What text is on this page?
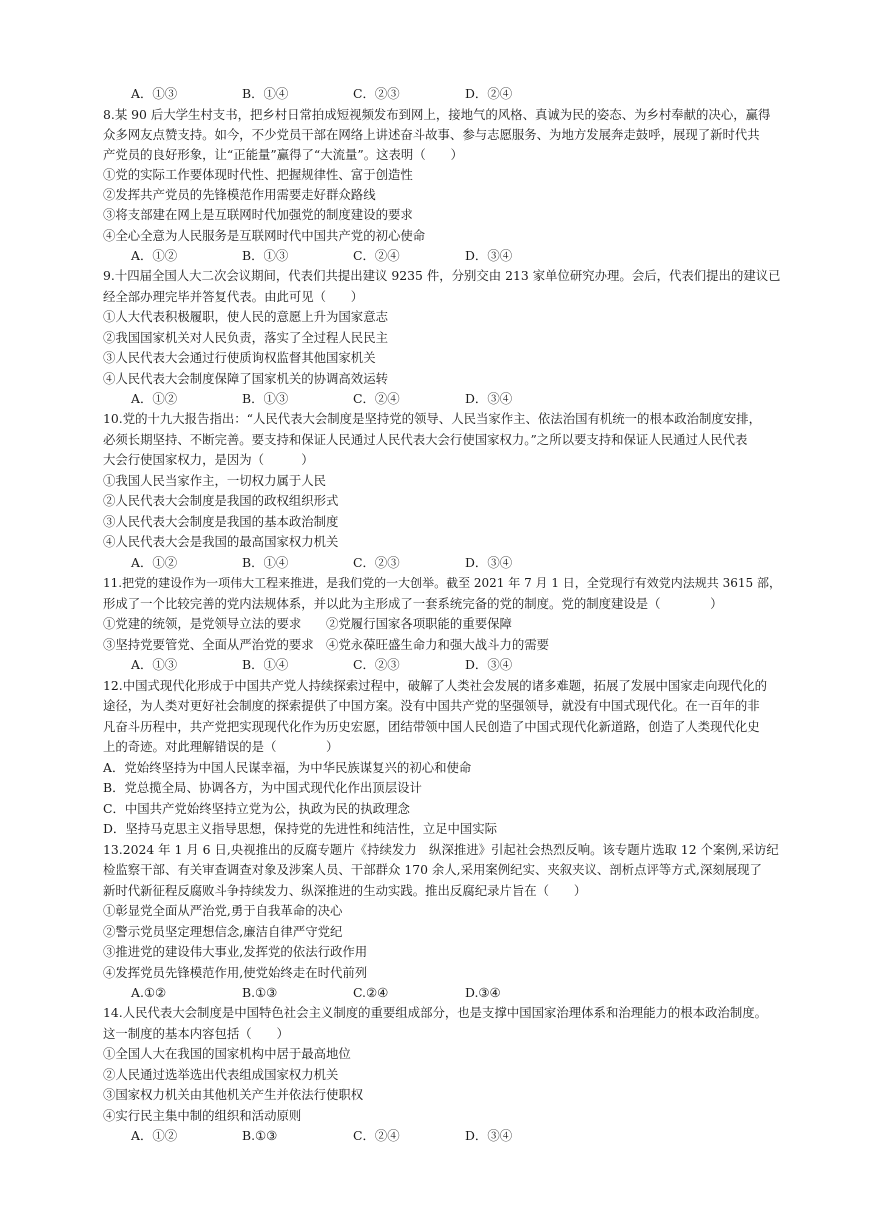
A．①③	B．①④	C．②③	D．②④
8.某 90 后大学生村支书，把乡村日常拍成短视频发布到网上，接地气的风格、真诚为民的姿态、为乡村奉献的决心，赢得
众多网友点赞支持。如今，不少党员干部在网络上讲述奋斗故事、参与志愿服务、为地方发展奔走鼓呼，展现了新时代共
产党员的良好形象，让“正能量”赢得了“大流量”。这表明（　　）
①党的实际工作要体现时代性、把握规律性、富于创造性
②发挥共产党员的先锋模范作用需要走好群众路线
③将支部建在网上是互联网时代加强党的制度建设的要求
④全心全意为人民服务是互联网时代中国共产党的初心使命
A．①②	B．①③	C．②④	D．③④
9.十四届全国人大二次会议期间，代表们共提出建议 9235 件，分别交由 213 家单位研究办理。会后，代表们提出的建议已
经全部办理完毕并答复代表。由此可见（　　）
①人大代表积极履职，使人民的意愿上升为国家意志
②我国国家机关对人民负责，落实了全过程人民民主
③人民代表大会通过行使质询权监督其他国家机关
④人民代表大会制度保障了国家机关的协调高效运转
A．①②	B．①③	C．②④	D．③④
10.党的十九大报告指出：“人民代表大会制度是坚持党的领导、人民当家作主、依法治国有机统一的根本政治制度安排，
必须长期坚持、不断完善。要支持和保证人民通过人民代表大会行使国家权力。”之所以要支持和保证人民通过人民代表
大会行使国家权力，是因为（　　　）
①我国人民当家作主，一切权力属于人民
②人民代表大会制度是我国的政权组织形式
③人民代表大会制度是我国的基本政治制度
④人民代表大会是我国的最高国家权力机关
A．①②	B．①④	C．②③	D．③④
11.把党的建设作为一项伟大工程来推进，是我们党的一大创举。截至 2021 年 7 月 1 日，全党现行有效党内法规共 3615 部，
形成了一个比较完善的党内法规体系，并以此为主形成了一套系统完备的党的制度。党的制度建设是（　　　　）
①党建的统领，是党领导立法的要求　　②党履行国家各项职能的重要保障
③坚持党要管党、全面从严治党的要求　④党永葆旺盛生命力和强大战斗力的需要
A．①③	B．①④	C．②③	D．③④
12.中国式现代化形成于中国共产党人持续探索过程中，破解了人类社会发展的诸多难题，拓展了发展中国家走向现代化的
途径，为人类对更好社会制度的探索提供了中国方案。没有中国共产党的坚强领导，就没有中国式现代化。在一百年的非
凡奋斗历程中，共产党把实现现代化作为历史宏愿，团结带领中国人民创造了中国式现代化新道路，创造了人类现代化史
上的奇迹。对此理解错误的是（　　　　）
A．党始终坚持为中国人民谋幸福，为中华民族谋复兴的初心和使命
B．党总揽全局、协调各方，为中国式现代化作出顶层设计
C．中国共产党始终坚持立党为公，执政为民的执政理念
D．坚持马克思主义指导思想，保持党的先进性和纯洁性，立足中国实际
13.2024 年 1 月 6 日,央视推出的反腐专题片《持续发力　纵深推进》引起社会热烈反响。该专题片选取 12 个案例,采访纪
检监察干部、有关审查调查对象及涉案人员、干部群众 170 余人,采用案例纪实、夹叙夹议、剖析点评等方式,深刻展现了
新时代新征程反腐败斗争持续发力、纵深推进的生动实践。推出反腐纪录片旨在（　　）
①彰显党全面从严治党,勇于自我革命的决心
②警示党员坚定理想信念,廉洁自律严守党纪
③推进党的建设伟大事业,发挥党的依法行政作用
④发挥党员先锋模范作用,使党始终走在时代前列
A.①②	B.①③	C.②④	D.③④
14.人民代表大会制度是中国特色社会主义制度的重要组成部分，也是支撑中国国家治理体系和治理能力的根本政治制度。
这一制度的基本内容包括（　　）
①全国人大在我国的国家机构中居于最高地位
②人民通过选举选出代表组成国家权力机关
③国家权力机关由其他机关产生并依法行使职权
④实行民主集中制的组织和活动原则
A．①②	B.①③	C．②④	D．③④
